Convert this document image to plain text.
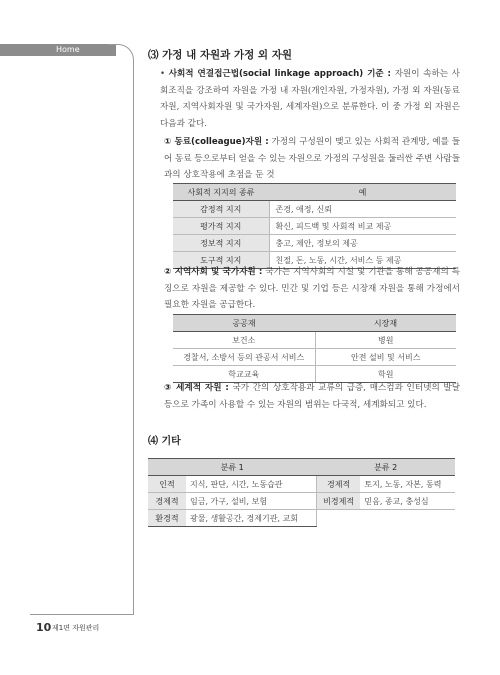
Home Economics
10 제1편 자원관리
⑶ 가정 내 자원과 가정 외 자원
• 사회적 연결접근법(social linkage approach) 기준 : 자원이 속하는 사회조직을 강조하여 자원을 가정 내 자원(개인자원, 가정자원), 가정 외 자원(동료자원, 지역사회자원 및 국가자원, 세계자원)으로 분류한다. 이 중 가정 외 자원은 다음과 같다.
① 동료(colleague)자원 : 가정의 구성원이 맺고 있는 사회적 관계망, 예를 들어 동료 등으로부터 얻을 수 있는 자원으로 가정의 구성원을 둘러싼 주변 사람들과의 상호작용에 초점을 둔 것
사회적 지지의 종류	예
감정적 지지	존경, 애정, 신뢰
평가적 지지	확신, 피드백 및 사회적 비교 제공
정보적 지지	충고, 제안, 정보의 제공
도구적 지지	친절, 돈, 노동, 시간, 서비스 등 제공
② 지역사회 및 국가자원 : 국가는 지역사회의 시설 및 기관을 통해 공공재의 특징으로 자원을 제공할 수 있다. 민간 및 기업 등은 시장재 자원을 통해 가정에서 필요한 자원을 공급한다.
공공재	시장재
보건소	병원
경찰서, 소방서 등의 관공서 서비스	안전 설비 및 서비스
학교교육	학원
③ 세계적 자원 : 국가 간의 상호작용과 교류의 급증, 매스컴과 인터넷의 발달 등으로 가족이 사용할 수 있는 자원의 범위는 다국적, 세계화되고 있다.
⑷ 기타
분류 1		분류 2	
인적	지식, 판단, 시간, 노동습관	경제적	토지, 노동, 자본, 동력
경제적	임금, 가구, 설비, 보험	비경제적	믿음, 종교, 충성심
환경적	광물, 생활공간, 경제기관, 교회		
